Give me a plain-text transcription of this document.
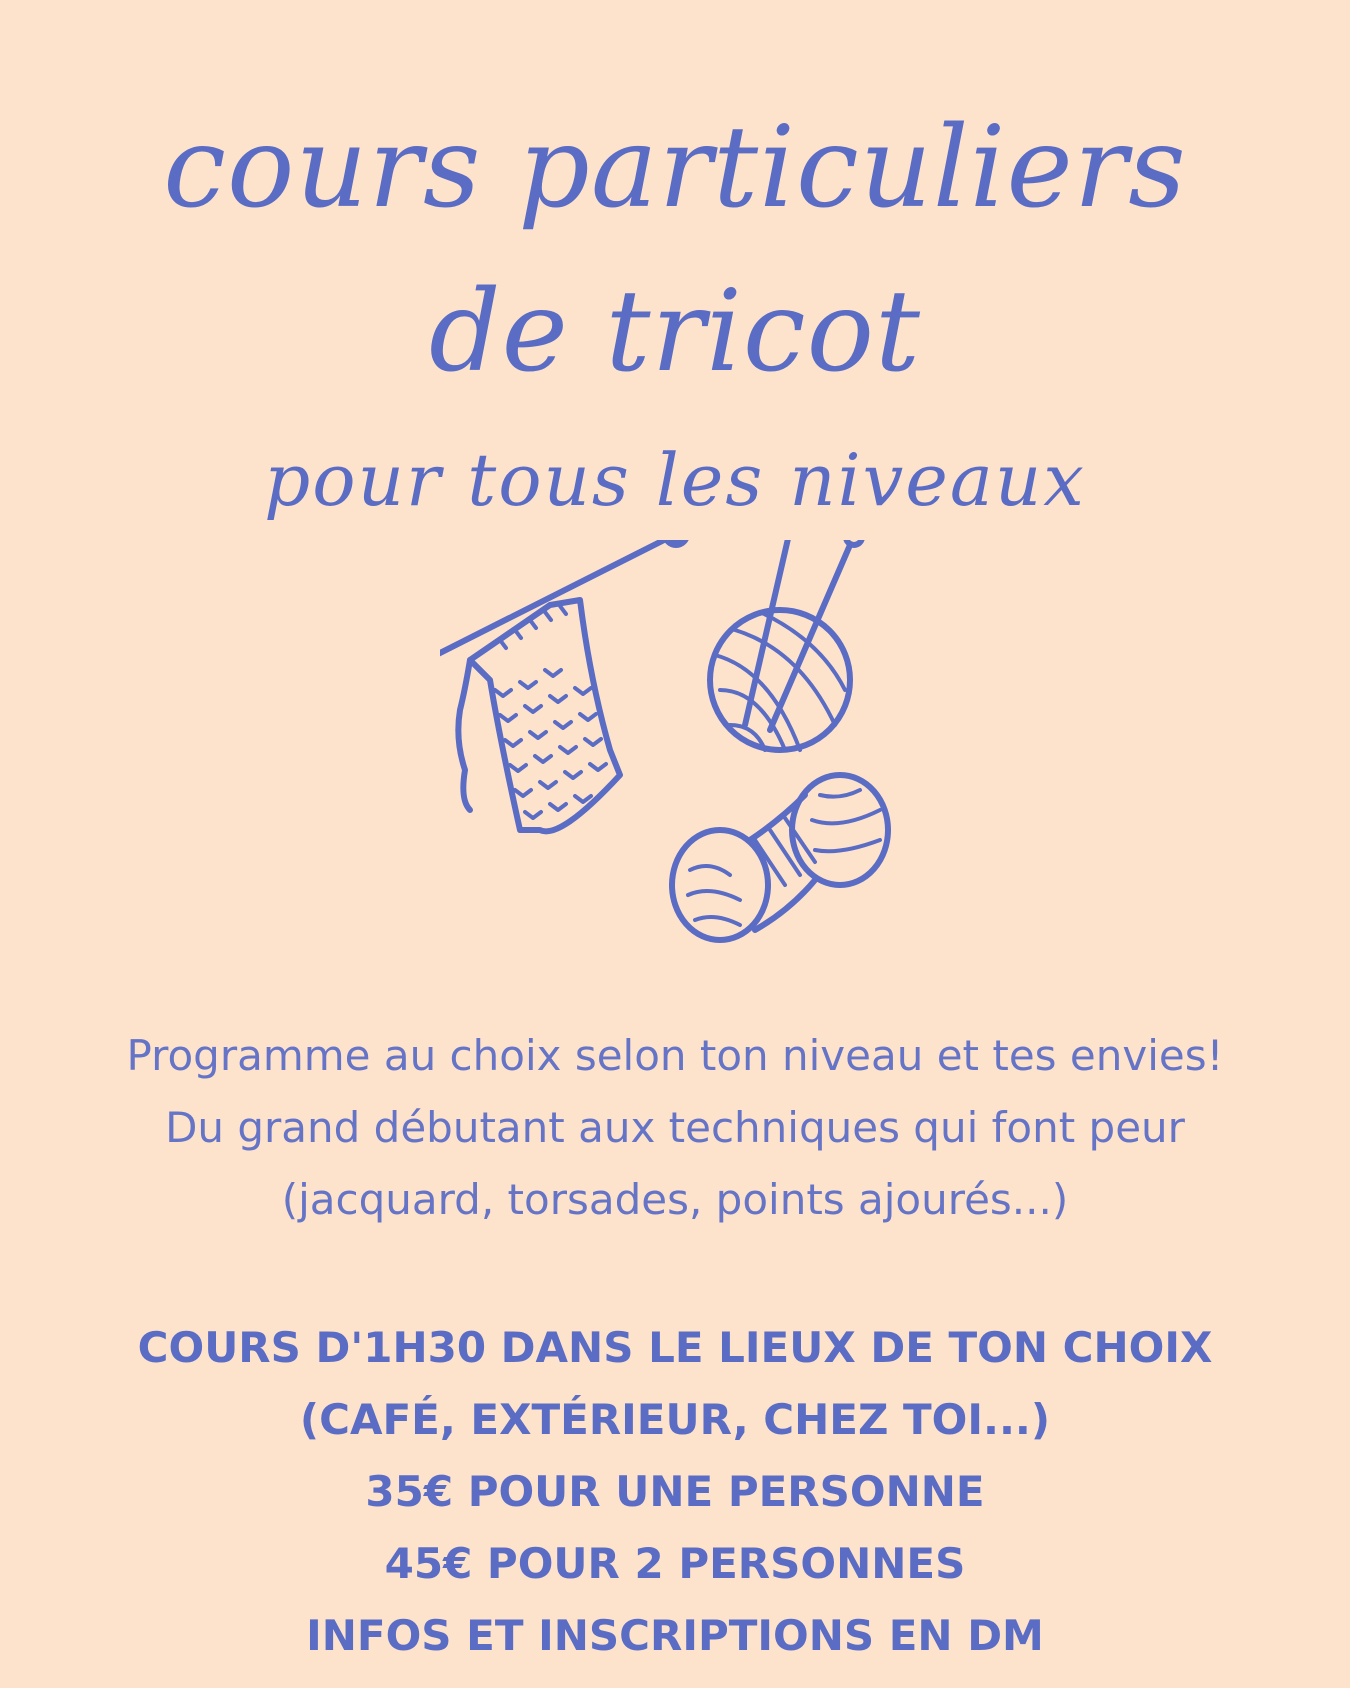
cours particuliers
de tricot
pour tous les niveaux
Programme au choix selon ton niveau et tes envies!
Du grand débutant aux techniques qui font peur
(jacquard, torsades, points ajourés...)
COURS D'1H30 DANS LE LIEUX DE TON CHOIX
(CAFÉ, EXTÉRIEUR, CHEZ TOI...)
35€ POUR UNE PERSONNE
45€ POUR 2 PERSONNES
INFOS ET INSCRIPTIONS EN DM
